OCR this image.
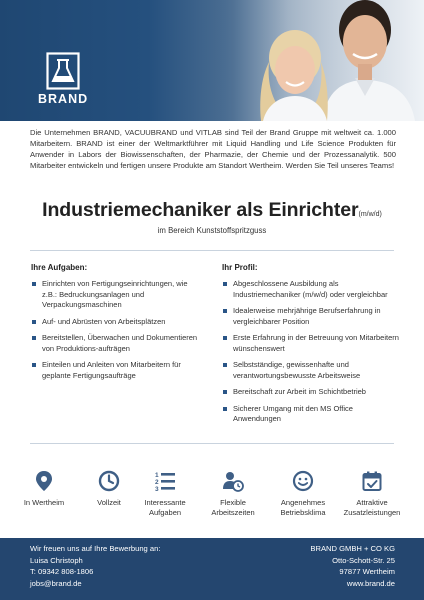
BRAND

Die Unternehmen BRAND, VACUUBRAND und VITLAB sind Teil der Brand Gruppe mit weltweit ca. 1.000 Mitarbeitern. BRAND ist einer der Weltmarktführer mit Liquid Handling und Life Science Produkten für Anwender in Labors der Biowissenschaften, der Pharmazie, der Chemie und der Prozessanalytik. 500 Mitarbeiter entwickeln und fertigen unsere Produkte am Standort Wertheim. Werden Sie Teil unseres Teams!

Industriemechaniker als Einrichter(m/w/d)
im Bereich Kunststoffspritzguss
Ihre Aufgaben:
Einrichten von Fertigungseinrichtungen, wie z.B.: Bedruckungsanlagen und Verpackungsmaschinen
Auf- und Abrüsten von Arbeitsplätzen
Bereitstellen, Überwachen und Dokumentieren von Produktions-aufträgen
Einteilen und Anleiten von Mitarbeitern für geplante Fertigungsaufträge
Ihr Profil:
Abgeschlossene Ausbildung als Industriemechaniker (m/w/d) oder vergleichbar
Idealerweise mehrjährige Berufserfahrung in vergleichbarer Position
Erste Erfahrung in der Betreuung von Mitarbeitern wünschenswert
Selbstständige, gewissenhafte und verantwortungsbewusste Arbeitsweise
Bereitschaft zur Arbeit im Schichtbetrieb
Sicherer Umgang mit den MS Office Anwendungen
In Wertheim	Vollzeit
1
2
3
Interessante
Aufgaben
Flexible
Arbeitszeiten
Angenehmes
Betriebsklima
Attraktive
Zusatzleistungen
Wir freuen uns auf Ihre Bewerbung an:
Luisa Christoph
T: 09342 808-1806
jobs@brand.de
BRAND GMBH + CO KG
Otto-Schott-Str. 25
97877 Wertheim
www.brand.de
